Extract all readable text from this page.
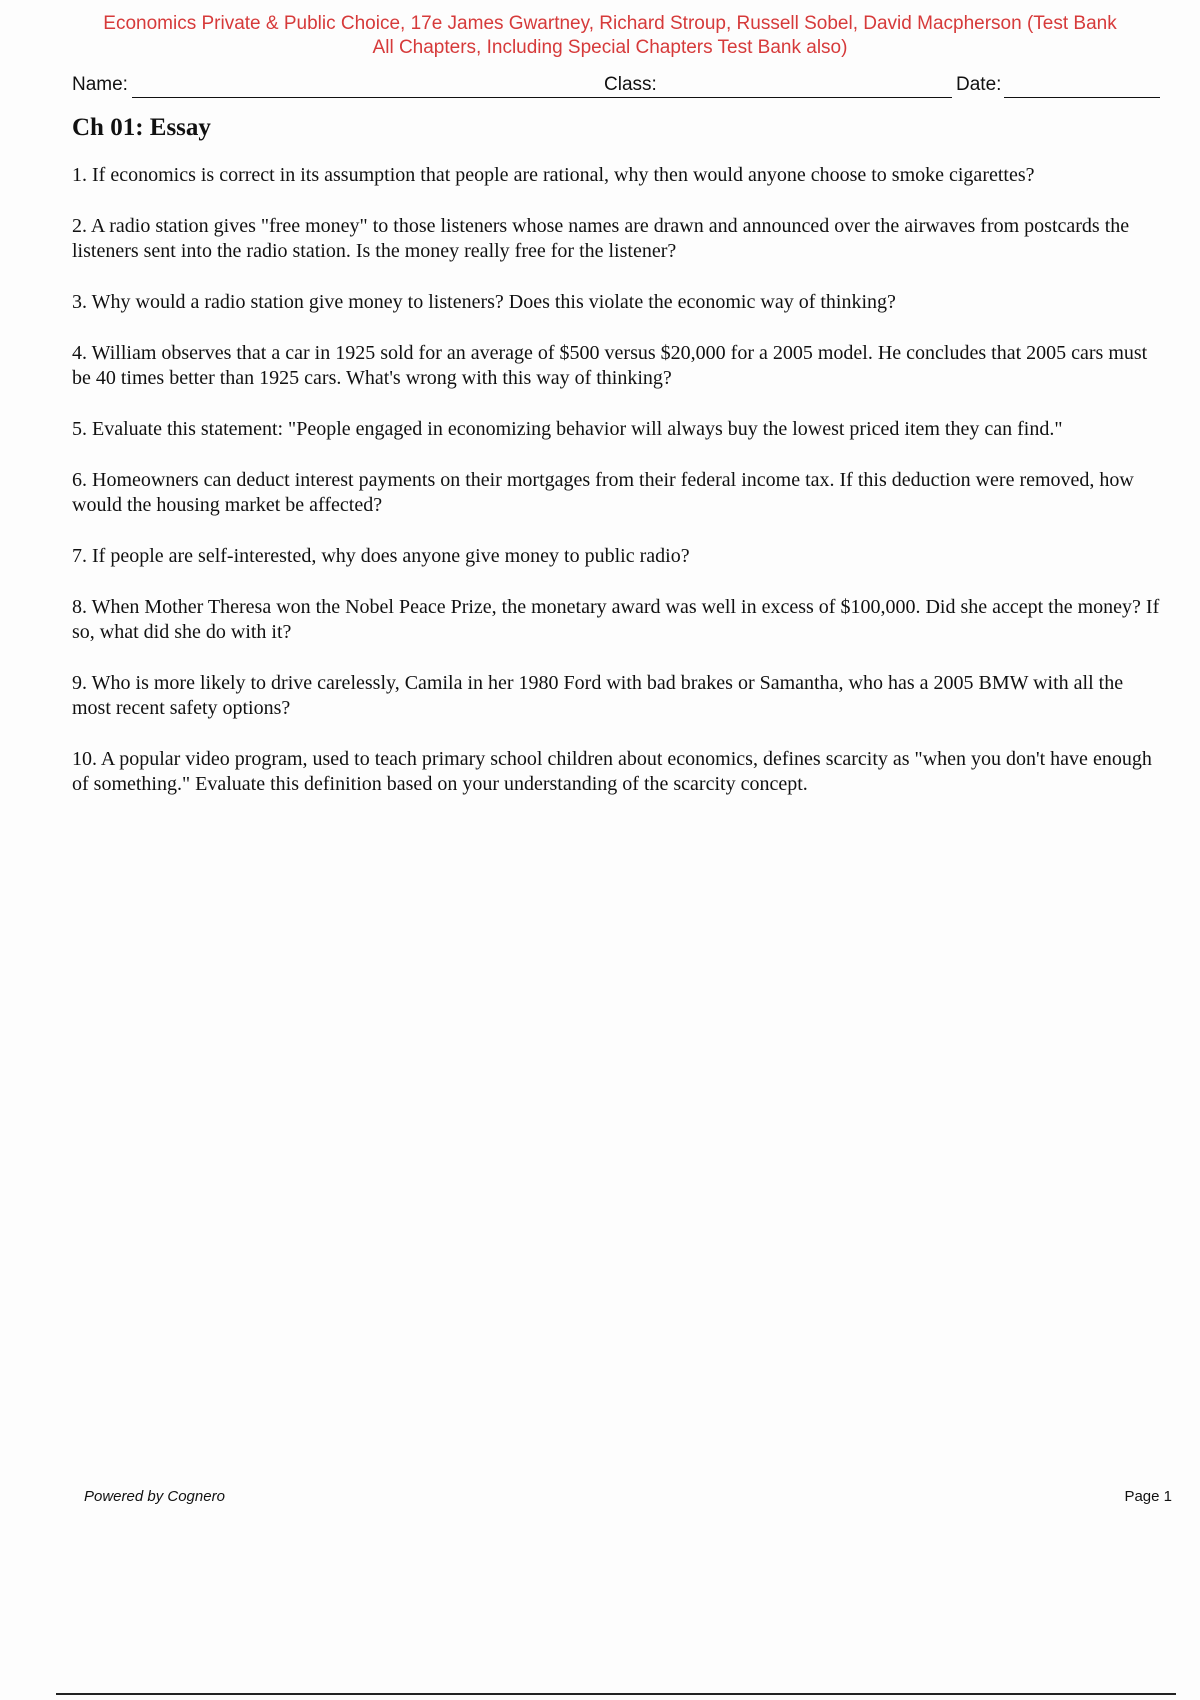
Economics Private & Public Choice, 17e James Gwartney, Richard Stroup, Russell Sobel, David Macpherson (Test Bank
All Chapters, Including Special Chapters Test Bank also)
Name:	Class:	Date:
Ch 01: Essay
1. If economics is correct in its assumption that people are rational, why then would anyone choose to smoke cigarettes?
2. A radio station gives "free money" to those listeners whose names are drawn and announced over the airwaves from postcards the listeners sent into the radio station. Is the money really free for the listener?
3. Why would a radio station give money to listeners? Does this violate the economic way of thinking?
4. William observes that a car in 1925 sold for an average of $500 versus $20,000 for a 2005 model. He concludes that 2005 cars must be 40 times better than 1925 cars. What's wrong with this way of thinking?
5. Evaluate this statement: "People engaged in economizing behavior will always buy the lowest priced item they can find."
6. Homeowners can deduct interest payments on their mortgages from their federal income tax. If this deduction were removed, how would the housing market be affected?
7. If people are self-interested, why does anyone give money to public radio?
8. When Mother Theresa won the Nobel Peace Prize, the monetary award was well in excess of $100,000. Did she accept the money? If so, what did she do with it?
9. Who is more likely to drive carelessly, Camila in her 1980 Ford with bad brakes or Samantha, who has a 2005 BMW with all the most recent safety options?
10. A popular video program, used to teach primary school children about economics, defines scarcity as "when you don't have enough of something." Evaluate this definition based on your understanding of the scarcity concept.
Powered by Cognero	Page 1
